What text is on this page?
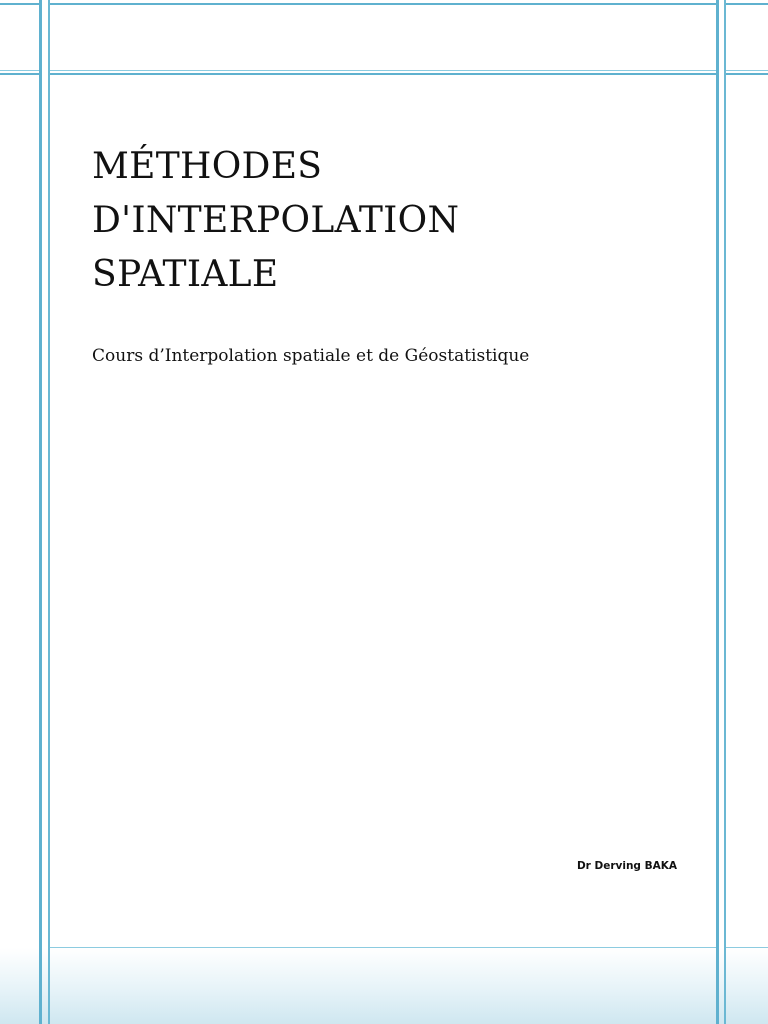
MÉTHODES
D'INTERPOLATION
SPATIALE

Cours d’Interpolation spatiale et de Géostatistique

Dr Derving BAKA
